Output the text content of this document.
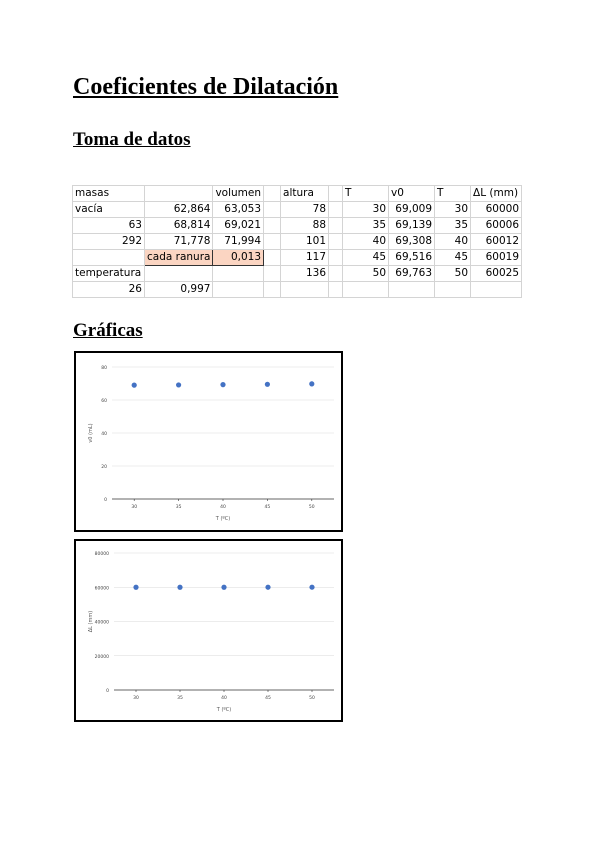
Coeficientes de Dilatación
Toma de datos
masas		volumen		altura		T	v0	T	ΔL (mm)
vacía	62,864	63,053		78		30	69,009	30	60000
63	68,814	69,021		88		35	69,139	35	60006
292	71,778	71,994		101		40	69,308	40	60012
	cada ranura	0,013		117		45	69,516	45	60019
temperatura				136		50	69,763	50	60025
26	0,997								
Gráficas
0
20
40
60
80
30	35	40	45	50
T (ºC)
v0 (mL)
0
20000
40000
60000
80000
30	35	40	45	50
T (ºC)
ΔL (mm)
